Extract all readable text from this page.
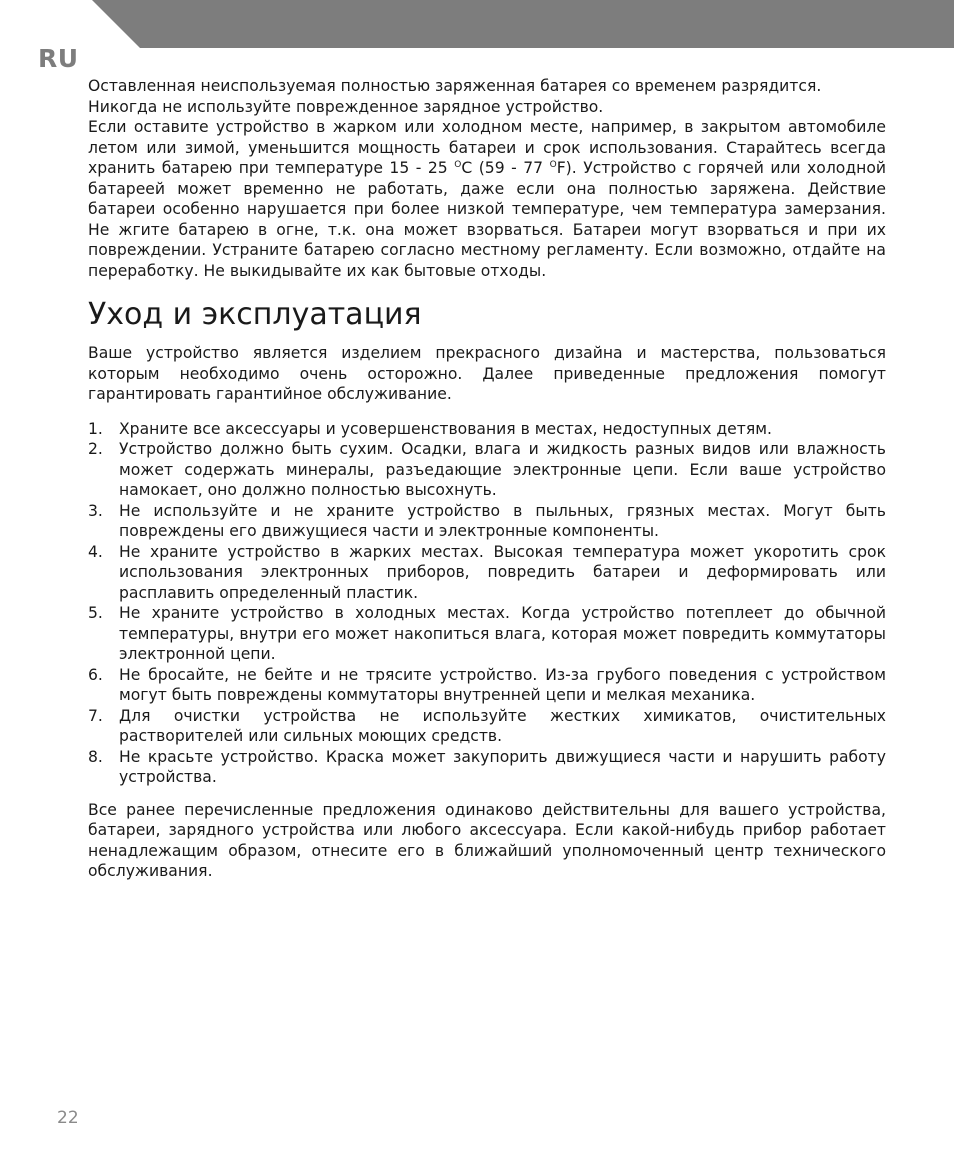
RU

Оставленная неиспользуемая полностью заряженная батарея со временем разрядится.

Никогда не используйте поврежденное зарядное устройство.

Если оставите устройство в жарком или холодном месте, например, в закрытом автомобиле летом или зимой, уменьшится мощность батареи и срок использования. Старайтесь всегда хранить батарею при температуре 15 - 25 $^O$C (59 - 77 $^O$F). Устройство с горячей или холодной батареей может временно не работать, даже если она полностью заряжена. Действие батареи особенно нарушается при более низкой температуре, чем температура замерзания. Не жгите батарею в огне, т.к. она может взорваться. Батареи могут взорваться и при их повреждении. Устраните батарею согласно местному регламенту. Если возможно, отдайте на переработку. Не выкидывайте их как бытовые отходы.

Уход и эксплуатация

Ваше устройство является изделием прекрасного дизайна и мастерства, пользоваться которым необходимо очень осторожно. Далее приведенные предложения помогут гарантировать гарантийное обслуживание.

1. Храните все аксессуары и усовершенствования в местах, недоступных детям.
2. Устройство должно быть сухим. Осадки, влага и жидкость разных видов или влажность может содержать минералы, разъедающие электронные цепи. Если ваше устройство намокает, оно должно полностью высохнуть.
3. Не используйте и не храните устройство в пыльных, грязных местах. Могут быть повреждены его движущиеся части и электронные компоненты.
4. Не храните устройство в жарких местах. Высокая температура может укоротить срок использования электронных приборов, повредить батареи и деформировать или расплавить определенный пластик.
5. Не храните устройство в холодных местах. Когда устройство потеплеет до обычной температуры, внутри его может накопиться влага, которая может повредить коммутаторы электронной цепи.
6. Не бросайте, не бейте и не трясите устройство. Из-за грубого поведения с устройством могут быть повреждены коммутаторы внутренней цепи и мелкая механика.
7. Для очистки устройства не используйте жестких химикатов, очистительных растворителей или сильных моющих средств.
8. Не красьте устройство. Краска может закупорить движущиеся части и нарушить работу устройства.

Все ранее перечисленные предложения одинаково действительны для вашего устройства, батареи, зарядного устройства или любого аксессуара. Если какой-нибудь прибор работает ненадлежащим образом, отнесите его в ближайший уполномоченный центр технического обслуживания.

22
